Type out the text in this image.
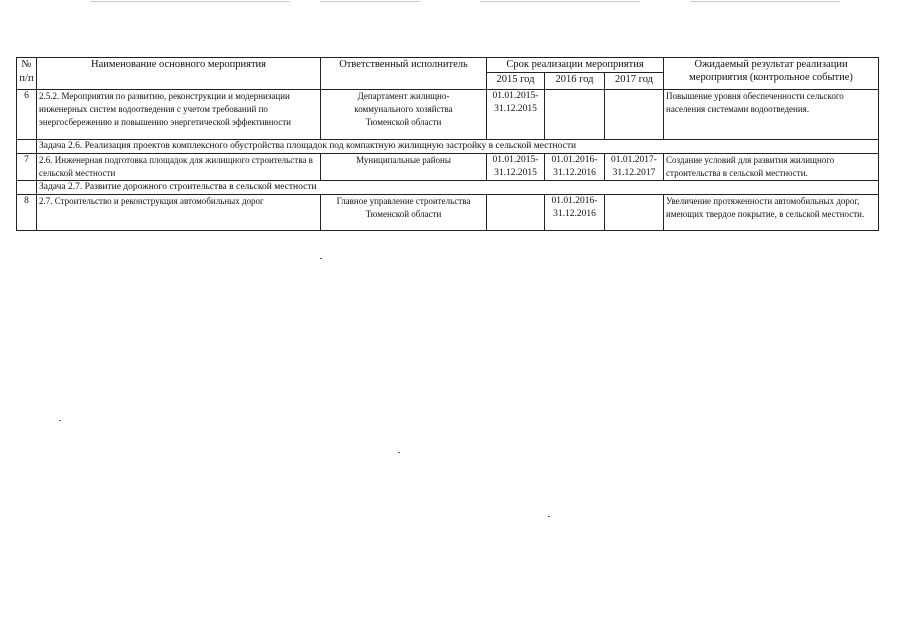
№
п/п	Наименование основного мероприятия	Ответственный исполнитель	Срок реализации мероприятия			Ожидаемый результат реализации мероприятия (контрольное событие)
			2015 год	2016 год	2017 год	
6	2.5.2. Мероприятия по развитию, реконструкции и модернизации инженерных систем водоотведения с учетом требований по энергосбережению и повышению энергетической эффективности	Департамент жилищно-коммунального хозяйства Тюменской области	01.01.2015-31.12.2015			Повышение уровня обеспеченности сельского населения системами водоотведения.
	Задача 2.6. Реализация проектов комплексного обустройства площадок под компактную жилищную застройку в сельской местности					
7	2.6. Инженерная подготовка площадок для жилищного строительства в сельской местности	Муниципальные районы	01.01.2015-31.12.2015	01.01.2016-31.12.2016	01.01.2017-31.12.2017	Создание условий для развития жилищного строительства в сельской местности.
	Задача 2.7. Развитие дорожного строительства в сельской местности					
8	2.7. Строительство и реконструкция автомобильных дорог	Главное управление строительства Тюменской области		01.01.2016-31.12.2016		Увеличение протяженности автомобильных дорог, имеющих твердое покрытие, в сельской местности.
